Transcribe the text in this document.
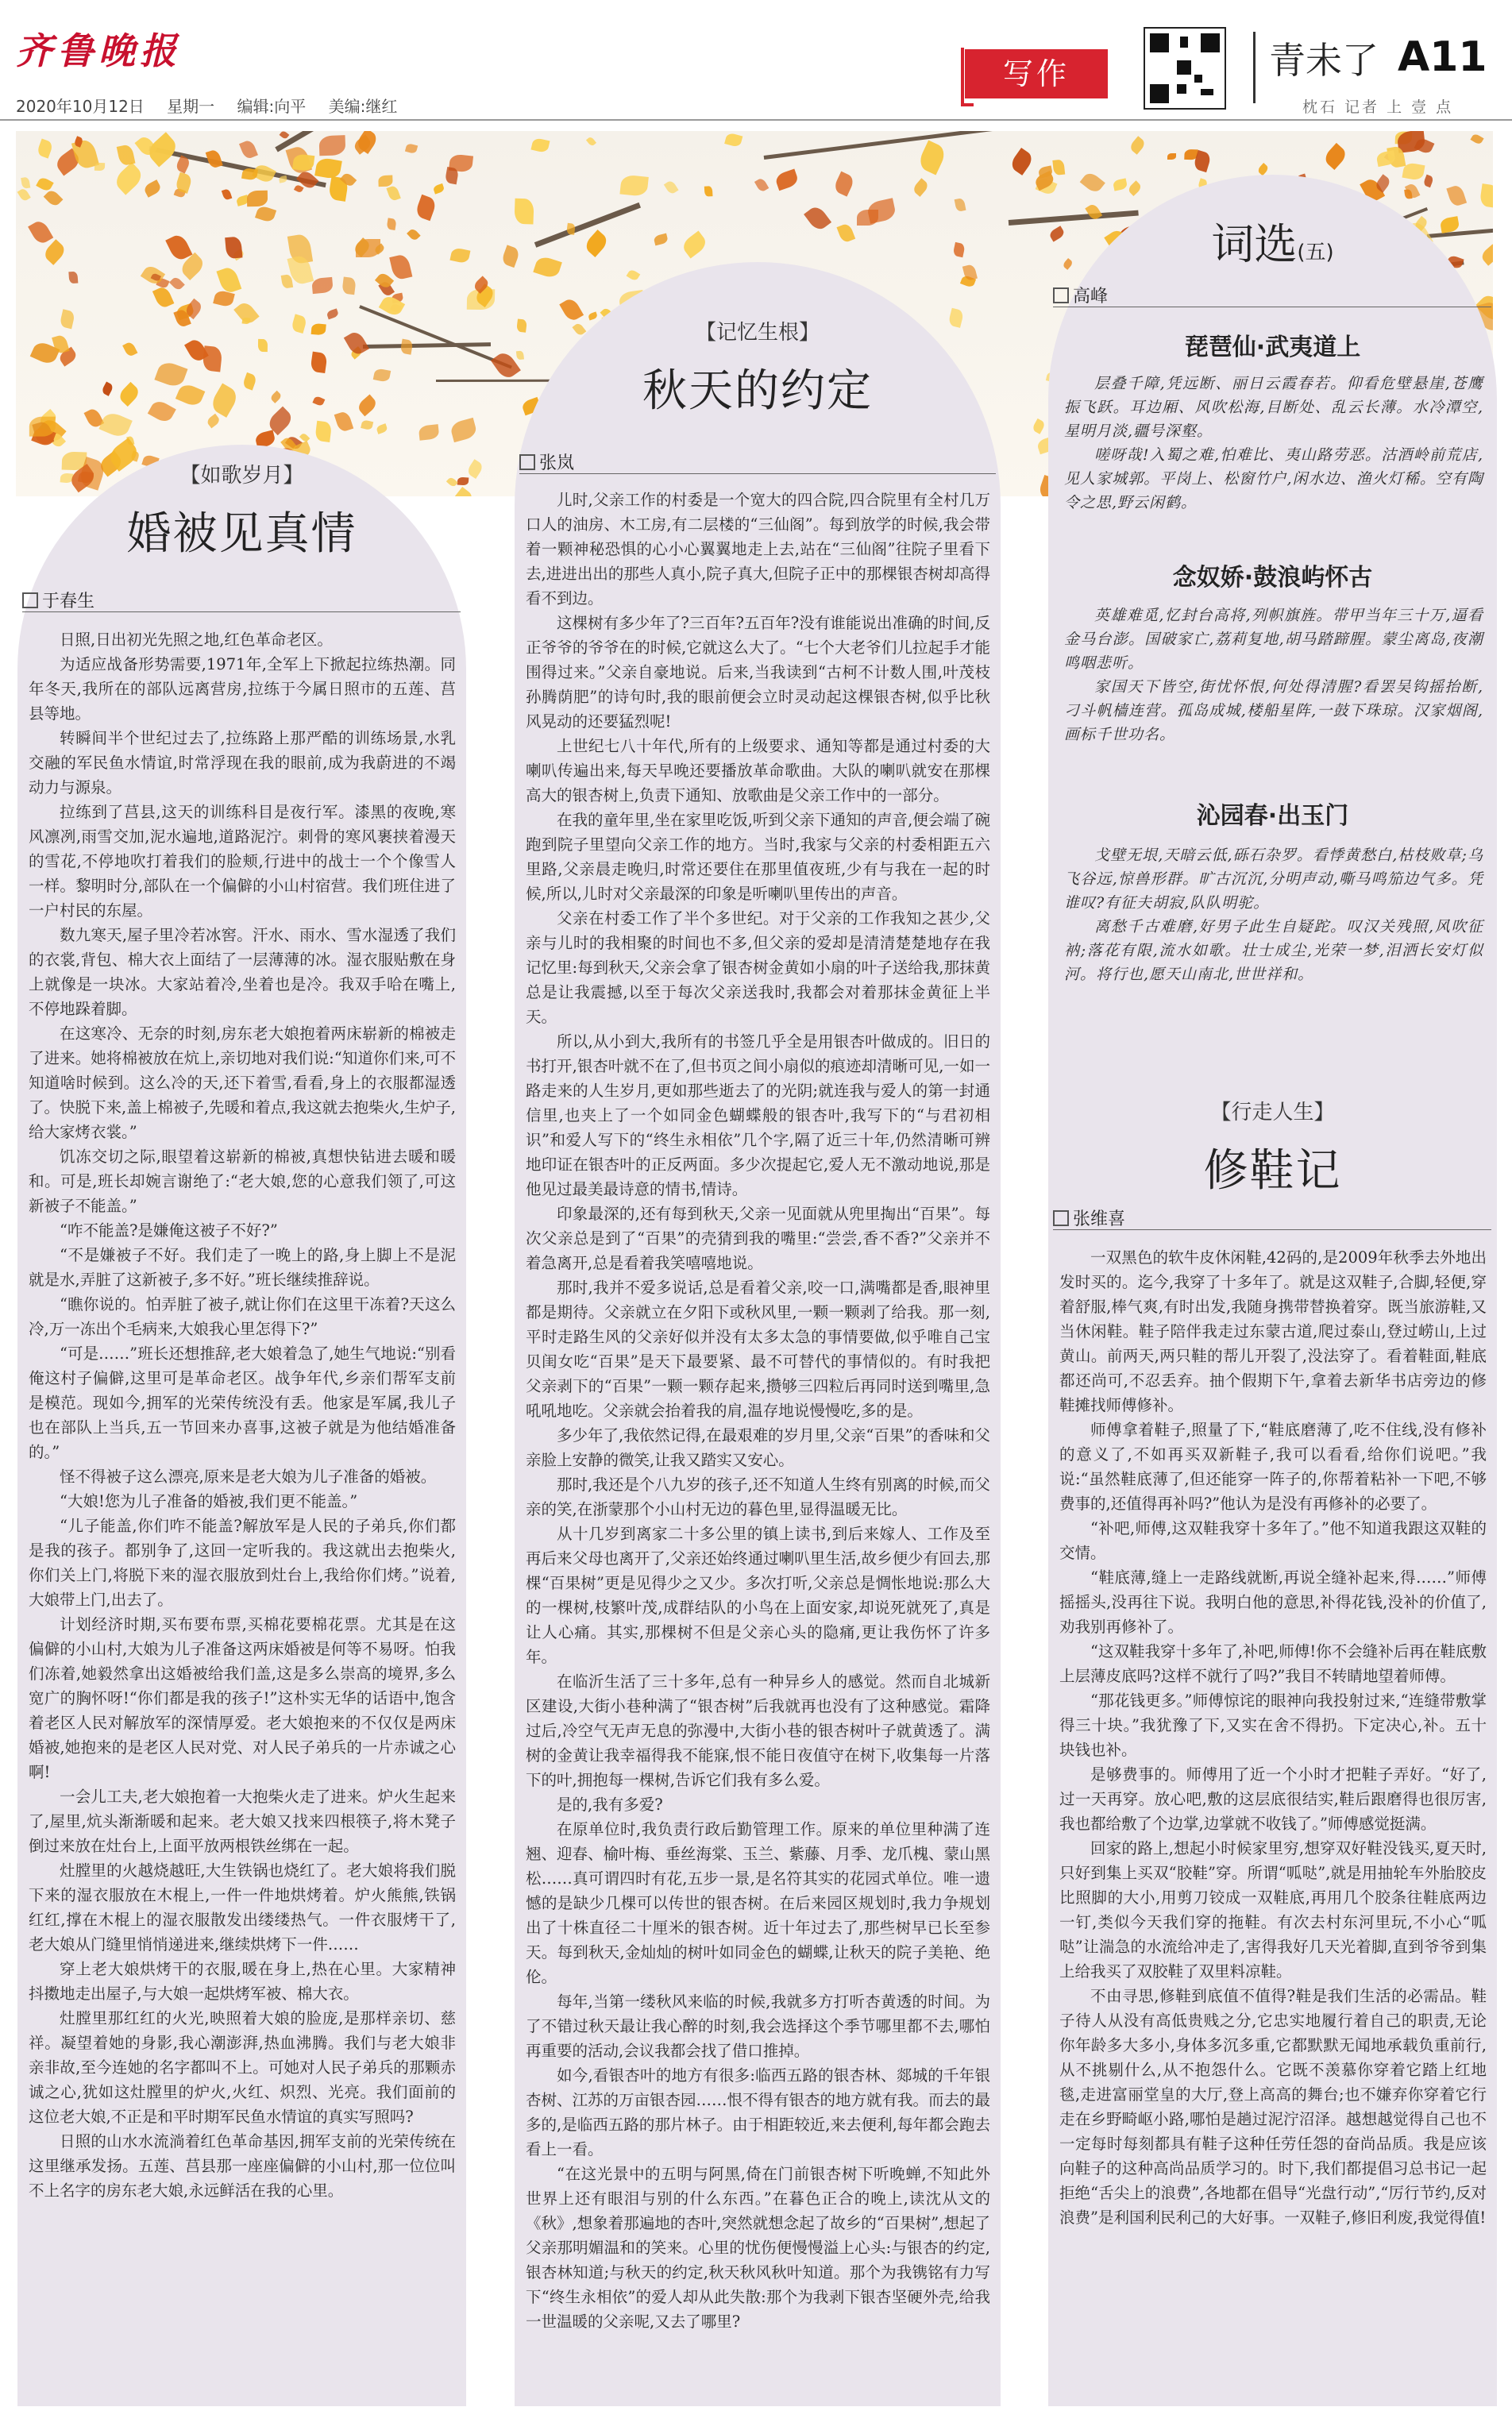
齐鲁晚报
2020年10月12日 星期一 编辑:向平 美编:继红
写作	青未了 A11
枕石 记者 上 壹 点
【如歌岁月】
婚被见真情
于春生

日照,日出初光先照之地,红色革命老区。

为适应战备形势需要,1971年,全军上下掀起拉练热潮。同年冬天,我所在的部队远离营房,拉练于今属日照市的五莲、莒县等地。

转瞬间半个世纪过去了,拉练路上那严酷的训练场景,水乳交融的军民鱼水情谊,时常浮现在我的眼前,成为我蔚进的不竭动力与源泉。

拉练到了莒县,这天的训练科目是夜行军。漆黑的夜晚,寒风凛冽,雨雪交加,泥水遍地,道路泥泞。刺骨的寒风裹挟着漫天的雪花,不停地吹打着我们的脸颊,行进中的战士一个个像雪人一样。黎明时分,部队在一个偏僻的小山村宿营。我们班住进了一户村民的东屋。

数九寒天,屋子里冷若冰窖。汗水、雨水、雪水湿透了我们的衣裳,背包、棉大衣上面结了一层薄薄的冰。湿衣服贴敷在身上就像是一块冰。大家站着冷,坐着也是冷。我双手哈在嘴上,不停地跺着脚。

在这寒冷、无奈的时刻,房东老大娘抱着两床崭新的棉被走了进来。她将棉被放在炕上,亲切地对我们说:“知道你们来,可不知道啥时候到。这么冷的天,还下着雪,看看,身上的衣服都湿透了。快脱下来,盖上棉被子,先暖和着点,我这就去抱柴火,生炉子,给大家烤衣裳。”

饥冻交切之际,眼望着这崭新的棉被,真想快钻进去暖和暖和。可是,班长却婉言谢绝了:“老大娘,您的心意我们领了,可这新被子不能盖。”

“咋不能盖?是嫌俺这被子不好?”

“不是嫌被子不好。我们走了一晚上的路,身上脚上不是泥就是水,弄脏了这新被子,多不好。”班长继续推辞说。

“瞧你说的。怕弄脏了被子,就让你们在这里干冻着?天这么冷,万一冻出个毛病来,大娘我心里怎得下?”

“可是……”班长还想推辞,老大娘着急了,她生气地说:“别看俺这村子偏僻,这里可是革命老区。战争年代,乡亲们帮军支前是模范。现如今,拥军的光荣传统没有丢。他家是军属,我儿子也在部队上当兵,五一节回来办喜事,这被子就是为他结婚准备的。”

怪不得被子这么漂亮,原来是老大娘为儿子准备的婚被。

“大娘!您为儿子准备的婚被,我们更不能盖。”

“儿子能盖,你们咋不能盖?解放军是人民的子弟兵,你们都是我的孩子。都别争了,这回一定听我的。我这就出去抱柴火,你们关上门,将脱下来的湿衣服放到灶台上,我给你们烤。”说着,大娘带上门,出去了。

计划经济时期,买布要布票,买棉花要棉花票。尤其是在这偏僻的小山村,大娘为儿子准备这两床婚被是何等不易呀。怕我们冻着,她毅然拿出这婚被给我们盖,这是多么崇高的境界,多么宽广的胸怀呀!“你们都是我的孩子!”这朴实无华的话语中,饱含着老区人民对解放军的深情厚爱。老大娘抱来的不仅仅是两床婚被,她抱来的是老区人民对党、对人民子弟兵的一片赤诚之心啊!

一会儿工夫,老大娘抱着一大抱柴火走了进来。炉火生起来了,屋里,炕头渐渐暖和起来。老大娘又找来四根筷子,将木凳子倒过来放在灶台上,上面平放两根铁丝绑在一起。

灶膛里的火越烧越旺,大生铁锅也烧红了。老大娘将我们脱下来的湿衣服放在木棍上,一件一件地烘烤着。炉火熊熊,铁锅红红,撑在木棍上的湿衣服散发出缕缕热气。一件衣服烤干了,老大娘从门缝里悄悄递进来,继续烘烤下一件……

穿上老大娘烘烤干的衣服,暖在身上,热在心里。大家精神抖擞地走出屋子,与大娘一起烘烤军被、棉大衣。

灶膛里那红红的火光,映照着大娘的脸庞,是那样亲切、慈祥。凝望着她的身影,我心潮澎湃,热血沸腾。我们与老大娘非亲非故,至今连她的名字都叫不上。可她对人民子弟兵的那颗赤诚之心,犹如这灶膛里的炉火,火红、炽烈、光亮。我们面前的这位老大娘,不正是和平时期军民鱼水情谊的真实写照吗?

日照的山水水流淌着红色革命基因,拥军支前的光荣传统在这里继承发扬。五莲、莒县那一座座偏僻的小山村,那一位位叫不上名字的房东老大娘,永远鲜活在我的心里。

【记忆生根】
秋天的约定
张岚

儿时,父亲工作的村委是一个宽大的四合院,四合院里有全村几万口人的油房、木工房,有二层楼的“三仙阁”。每到放学的时候,我会带着一颗神秘恐惧的心小心翼翼地走上去,站在“三仙阁”往院子里看下去,进进出出的那些人真小,院子真大,但院子正中的那棵银杏树却高得看不到边。

这棵树有多少年了?三百年?五百年?没有谁能说出准确的时间,反正爷爷的爷爷在的时候,它就这么大了。“七个大老爷们儿拉起手才能围得过来。”父亲自豪地说。后来,当我读到“古柯不计数人围,叶茂枝孙腾荫肥”的诗句时,我的眼前便会立时灵动起这棵银杏树,似乎比秋风晃动的还要猛烈呢!

上世纪七八十年代,所有的上级要求、通知等都是通过村委的大喇叭传遍出来,每天早晚还要播放革命歌曲。大队的喇叭就安在那棵高大的银杏树上,负责下通知、放歌曲是父亲工作中的一部分。

在我的童年里,坐在家里吃饭,听到父亲下通知的声音,便会端了碗跑到院子里望向父亲工作的地方。当时,我家与父亲的村委相距五六里路,父亲晨走晚归,时常还要住在那里值夜班,少有与我在一起的时候,所以,儿时对父亲最深的印象是听喇叭里传出的声音。

父亲在村委工作了半个多世纪。对于父亲的工作我知之甚少,父亲与儿时的我相聚的时间也不多,但父亲的爱却是清清楚楚地存在我记忆里:每到秋天,父亲会拿了银杏树金黄如小扇的叶子送给我,那抹黄总是让我震撼,以至于每次父亲送我时,我都会对着那抹金黄征上半天。

所以,从小到大,我所有的书签几乎全是用银杏叶做成的。旧日的书打开,银杏叶就不在了,但书页之间小扇似的痕迹却清晰可见,一如一路走来的人生岁月,更如那些逝去了的光阴;就连我与爱人的第一封通信里,也夹上了一个如同金色蝴蝶般的银杏叶,我写下的“与君初相识”和爱人写下的“终生永相依”几个字,隔了近三十年,仍然清晰可辨地印证在银杏叶的正反两面。多少次提起它,爱人无不激动地说,那是他见过最美最诗意的情书,情诗。

印象最深的,还有每到秋天,父亲一见面就从兜里掏出“百果”。每次父亲总是到了“百果”的壳猜到我的嘴里:“尝尝,香不香?”父亲并不着急离开,总是看着我笑嘻嘻地说。

那时,我并不爱多说话,总是看着父亲,咬一口,满嘴都是香,眼神里都是期待。父亲就立在夕阳下或秋风里,一颗一颗剥了给我。那一刻,平时走路生风的父亲好似并没有太多太急的事情要做,似乎唯自己宝贝闺女吃“百果”是天下最要紧、最不可替代的事情似的。有时我把父亲剥下的“百果”一颗一颗存起来,攒够三四粒后再同时送到嘴里,急吼吼地吃。父亲就会抬着我的肩,温存地说慢慢吃,多的是。

多少年了,我依然记得,在最艰难的岁月里,父亲“百果”的香味和父亲脸上安静的微笑,让我又踏实又安心。

那时,我还是个八九岁的孩子,还不知道人生终有别离的时候,而父亲的笑,在浙蒙那个小山村无边的暮色里,显得温暖无比。

从十几岁到离家二十多公里的镇上读书,到后来嫁人、工作及至再后来父母也离开了,父亲还始终通过喇叭里生活,故乡便少有回去,那棵“百果树”更是见得少之又少。多次打听,父亲总是惆怅地说:那么大的一棵树,枝繁叶茂,成群结队的小鸟在上面安家,却说死就死了,真是让人心痛。其实,那棵树不但是父亲心头的隐痛,更让我伤怀了许多年。

在临沂生活了三十多年,总有一种异乡人的感觉。然而自北城新区建设,大街小巷种满了“银杏树”后我就再也没有了这种感觉。霜降过后,冷空气无声无息的弥漫中,大街小巷的银杏树叶子就黄透了。满树的金黄让我幸福得我不能寐,恨不能日夜值守在树下,收集每一片落下的叶,拥抱每一棵树,告诉它们我有多么爱。

是的,我有多爱?

在原单位时,我负责行政后勤管理工作。原来的单位里种满了连翘、迎春、榆叶梅、垂丝海棠、玉兰、紫藤、月季、龙爪槐、蒙山黑松……真可谓四时有花,五步一景,是名符其实的花园式单位。唯一遗憾的是缺少几棵可以传世的银杏树。在后来园区规划时,我力争规划出了十株直径二十厘米的银杏树。近十年过去了,那些树早已长至参天。每到秋天,金灿灿的树叶如同金色的蝴蝶,让秋天的院子美艳、绝伦。

每年,当第一缕秋风来临的时候,我就多方打听杏黄透的时间。为了不错过秋天最让我心醉的时刻,我会选择这个季节哪里都不去,哪怕再重要的活动,会议我都会找了借口推掉。

如今,看银杏叶的地方有很多:临西五路的银杏林、郯城的千年银杏树、江苏的万亩银杏园……恨不得有银杏的地方就有我。而去的最多的,是临西五路的那片林子。由于相距较近,来去便利,每年都会跑去看上一看。

“在这光景中的五明与阿黑,倚在门前银杏树下听晚蝉,不知此外世界上还有眼泪与别的什么东西。”在暮色正合的晚上,读沈从文的《秋》,想象着那遍地的杏叶,突然就想念起了故乡的“百果树”,想起了父亲那明媚温和的笑来。心里的忧伤便慢慢溢上心头:与银杏的约定,银杏林知道;与秋天的约定,秋天秋风秋叶知道。那个为我镌铭有力写下“终生永相依”的爱人却从此失散:那个为我剥下银杏坚硬外壳,给我一世温暖的父亲呢,又去了哪里?

词选(五)
高峰
琵琶仙·武夷道上

层叠千障,凭远断、丽日云霞春若。仰看危壁悬崖,苍鹰振飞跃。耳边厢、风吹松海,目断处、乱云长薄。水冷潭空,星明月淡,疆号深壑。

嗟呀哉!入蜀之难,怕难比、夷山路劳恶。沽酒岭前荒店,见人家城郭。平岗上、松窗竹户,闲水边、渔火灯稀。空有陶令之思,野云闲鹤。

念奴娇·鼓浪屿怀古

英雄难觅,忆封台高将,列帜旗旌。带甲当年三十万,逼看金马台澎。国破家亡,荔莉复地,胡马踏蹄腥。蒙尘离岛,夜潮鸣咽悲听。

家国天下皆空,街忧怀恨,何处得清腥?看罢吴钩摇抬断,刁斗帆樯连营。孤岛成城,楼船星阵,一鼓下珠琼。汉家烟阁,画标千世功名。

沁园春·出玉门

戈壁无垠,天暗云低,砾石杂罗。看悸黄愁白,枯枝败草;乌飞谷远,惊兽形群。旷古沉沉,分明声动,嘶马鸣笳边气多。凭谁叹?有征夫胡寂,队队明驼。

离愁千古难磨,好男子此生自疑跎。叹汉关残照,风吹征衲;落花有限,流水如歌。壮士成尘,光荣一梦,泪洒长安灯似河。将行也,愿天山南北,世世祥和。

【行走人生】
修鞋记
张维喜

一双黑色的软牛皮休闲鞋,42码的,是2009年秋季去外地出发时买的。迄今,我穿了十多年了。就是这双鞋子,合脚,轻便,穿着舒服,棒气爽,有时出发,我随身携带替换着穿。既当旅游鞋,又当休闲鞋。鞋子陪伴我走过东蒙古道,爬过泰山,登过崂山,上过黄山。前两天,两只鞋的帮儿开裂了,没法穿了。看着鞋面,鞋底都还尚可,不忍丢弃。抽个假期下午,拿着去新华书店旁边的修鞋摊找师傅修补。

师傅拿着鞋子,照量了下,“鞋底磨薄了,吃不住线,没有修补的意义了,不如再买双新鞋子,我可以看看,给你们说吧。”我说:“虽然鞋底薄了,但还能穿一阵子的,你帮着粘补一下吧,不够费事的,还值得再补吗?”他认为是没有再修补的必要了。

“补吧,师傅,这双鞋我穿十多年了。”他不知道我跟这双鞋的交情。

“鞋底薄,缝上一走路线就断,再说全缝补起来,得……”师傅摇摇头,没再往下说。我明白他的意思,补得花钱,没补的价值了,劝我别再修补了。

“这双鞋我穿十多年了,补吧,师傅!你不会缝补后再在鞋底敷上层薄皮底吗?这样不就行了吗?”我目不转睛地望着师傅。

“那花钱更多。”师傅惊诧的眼神向我投射过来,“连缝带敷掌得三十块。”我犹豫了下,又实在舍不得扔。下定决心,补。五十块钱也补。

是够费事的。师傅用了近一个小时才把鞋子弄好。“好了,过一天再穿。放心吧,敷的这层底很结实,鞋后跟磨得也很厉害,我也都给敷了个边掌,边掌就不收钱了。”师傅感觉挺满。

回家的路上,想起小时候家里穷,想穿双好鞋没钱买,夏天时,只好到集上买双“胶鞋”穿。所谓“呱哒”,就是用抽轮车外胎胶皮比照脚的大小,用剪刀铰成一双鞋底,再用几个胶条往鞋底两边一钉,类似今天我们穿的拖鞋。有次去村东河里玩,不小心“呱哒”让湍急的水流给冲走了,害得我好几天光着脚,直到爷爷到集上给我买了双胶鞋了双里料凉鞋。

不由寻思,修鞋到底值不值得?鞋是我们生活的必需品。鞋子待人从没有高低贵贱之分,它忠实地履行着自己的职责,无论你年龄多大多小,身体多沉多重,它都默默无闻地承载负重前行,从不挑剔什么,从不抱怨什么。它既不羡慕你穿着它踏上红地毯,走进富丽堂皇的大厅,登上高高的舞台;也不嫌弃你穿着它行走在乡野畸岖小路,哪怕是趟过泥泞沼泽。越想越觉得自己也不一定每时每刻都具有鞋子这种任劳任怨的奋尚品质。我是应该向鞋子的这种高尚品质学习的。时下,我们都提倡习总书记一起拒绝“舌尖上的浪费”,各地都在倡导“光盘行动”,“厉行节约,反对浪费”是利国利民利己的大好事。一双鞋子,修旧利废,我觉得值!
